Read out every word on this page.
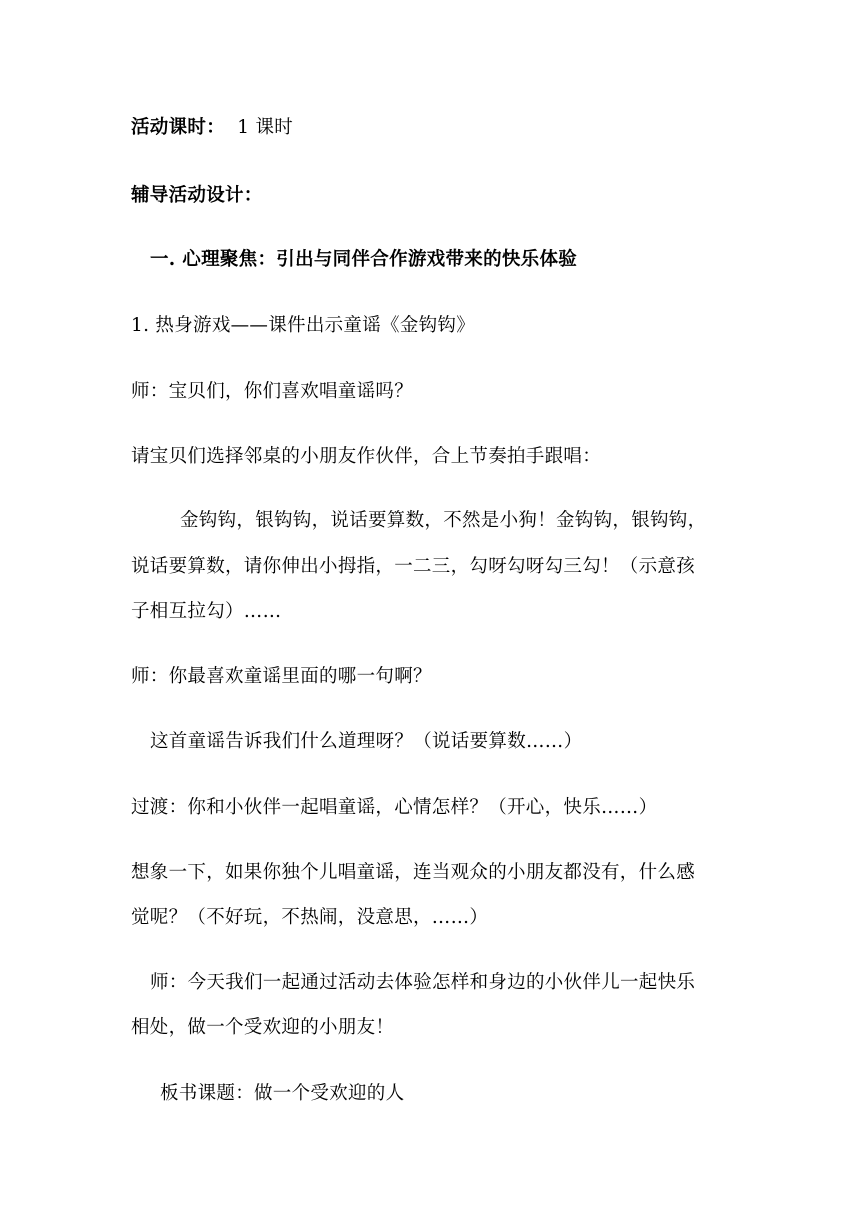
活动课时： 1 课时
辅导活动设计：
一. 心理聚焦：引出与同伴合作游戏带来的快乐体验
1. 热身游戏——课件出示童谣《金钩钩》
师：宝贝们，你们喜欢唱童谣吗？
请宝贝们选择邻桌的小朋友作伙伴，合上节奏拍手跟唱：
金钩钩，银钩钩，说话要算数，不然是小狗！金钩钩，银钩钩，
说话要算数，请你伸出小拇指，一二三，勾呀勾呀勾三勾！（示意孩
子相互拉勾）……
师：你最喜欢童谣里面的哪一句啊？
这首童谣告诉我们什么道理呀？（说话要算数……）
过渡：你和小伙伴一起唱童谣，心情怎样？（开心，快乐……）
想象一下，如果你独个儿唱童谣，连当观众的小朋友都没有，什么感
觉呢？（不好玩，不热闹，没意思，……）
师：今天我们一起通过活动去体验怎样和身边的小伙伴儿一起快乐
相处，做一个受欢迎的小朋友！
板书课题：做一个受欢迎的人
